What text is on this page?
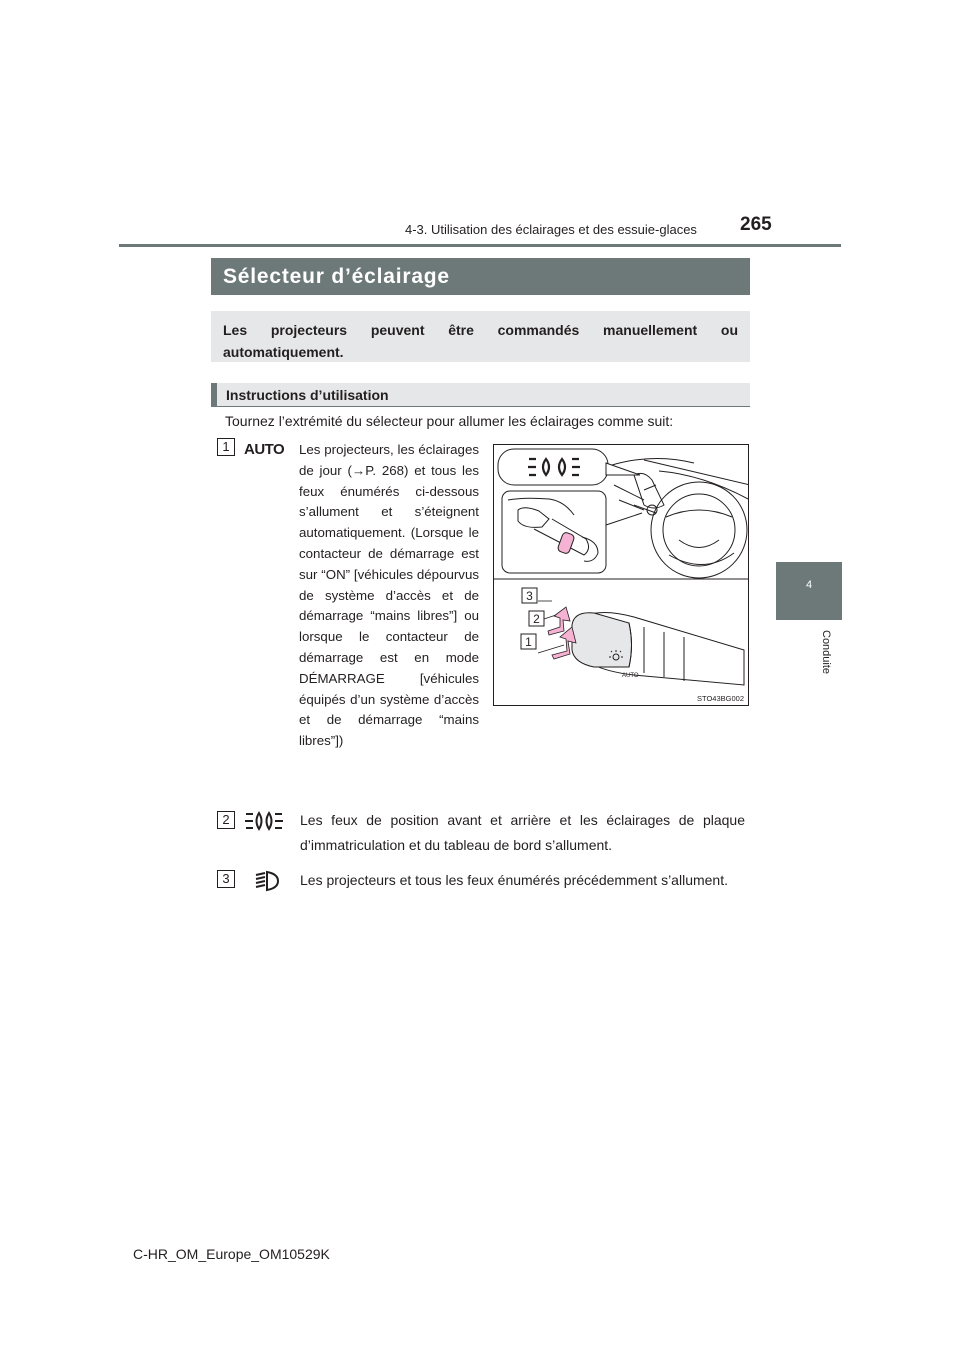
4-3. Utilisation des éclairages et des essuie-glaces 265
4
Conduite
Sélecteur d’éclairage
Les projecteurs peuvent être commandés manuellement ou automatiquement.
Instructions d’utilisation
Tournez l’extrémité du sélecteur pour allumer les éclairages comme suit:
1 AUTO Les projecteurs, les éclairages de jour (→P. 268) et tous les feux énumérés ci-dessous s’allument et s’éteignent automatiquement. (Lorsque le contacteur de démarrage est sur “ON” [véhicules dépourvus de système d’accès et de démarrage “mains libres”] ou lorsque le contacteur de démarrage est en mode DÉMARRAGE [véhicules équipés d’un système d’accès et de démarrage “mains libres”])
AUTO
3
2
1
STO43BG002
2	Les feux de position avant et arrière et les éclairages de plaque d’immatriculation et du tableau de bord s’allument.
3	Les projecteurs et tous les feux énumérés précédemment s’allument.
C-HR_OM_Europe_OM10529K
